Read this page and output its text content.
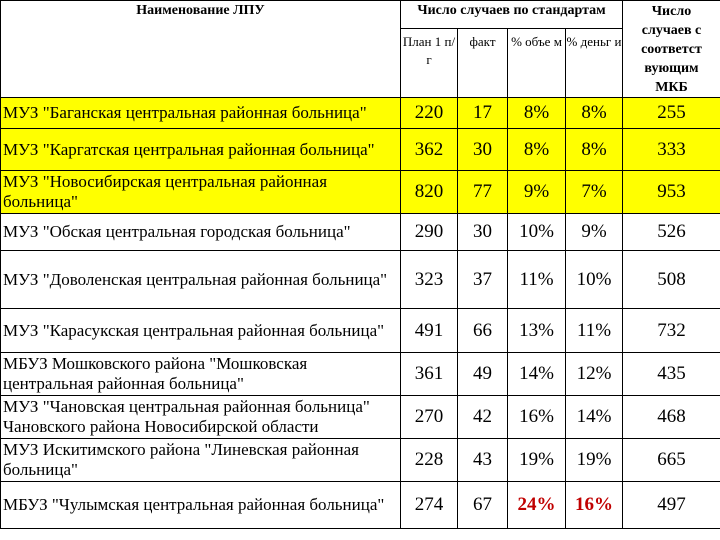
Наименование ЛПУ	Число случаев по стандартам				Число случаев с соответст вующим МКБ
	План 1 п/г	факт	% объе м	% деньг и	
МУЗ "Баганская центральная районная больница"	220	17	8%	8%	255
МУЗ "Каргатская центральная районная больница"	362	30	8%	8%	333
МУЗ "Новосибирская центральная районная больница"	820	77	9%	7%	953
МУЗ "Обская центральная городская больница"	290	30	10%	9%	526
МУЗ "Доволенская центральная районная больница"	323	37	11%	10%	508
МУЗ "Карасукская центральная районная больница"	491	66	13%	11%	732
МБУЗ Мошковского района "Мошковская центральная районная больница"	361	49	14%	12%	435
МУЗ "Чановская центральная районная больница" Чановского района Новосибирской области	270	42	16%	14%	468
МУЗ Искитимского района "Линевская районная больница"	228	43	19%	19%	665
МБУЗ "Чулымская центральная районная больница"	274	67	24%	16%	497
